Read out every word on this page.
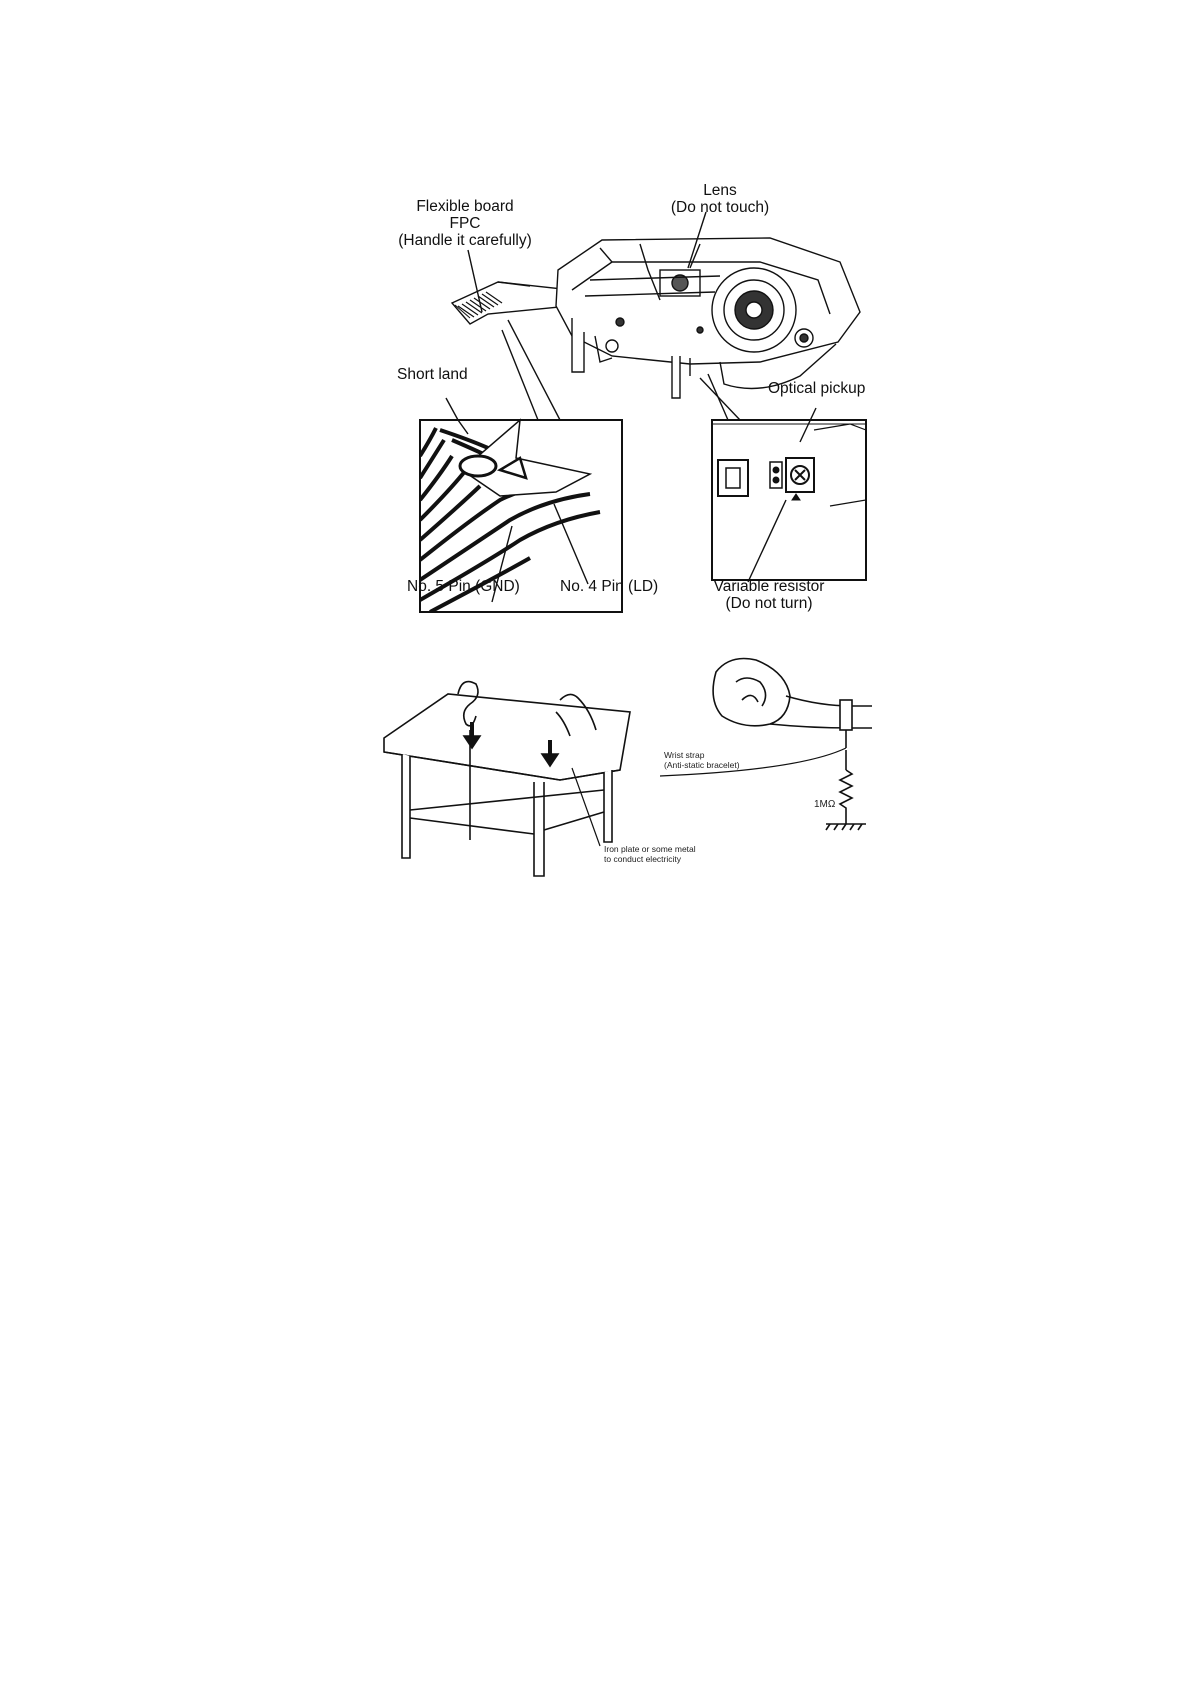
Flexible board
FPC
(Handle it carefully)
Lens
(Do not touch)
Short land
Optical pickup
No. 5 Pin (GND)	No. 4 Pin (LD)	Variable resistor
(Do not turn)
Wrist strap
(Anti-static bracelet)
1MΩ
Iron plate or some metal
to conduct electricity
